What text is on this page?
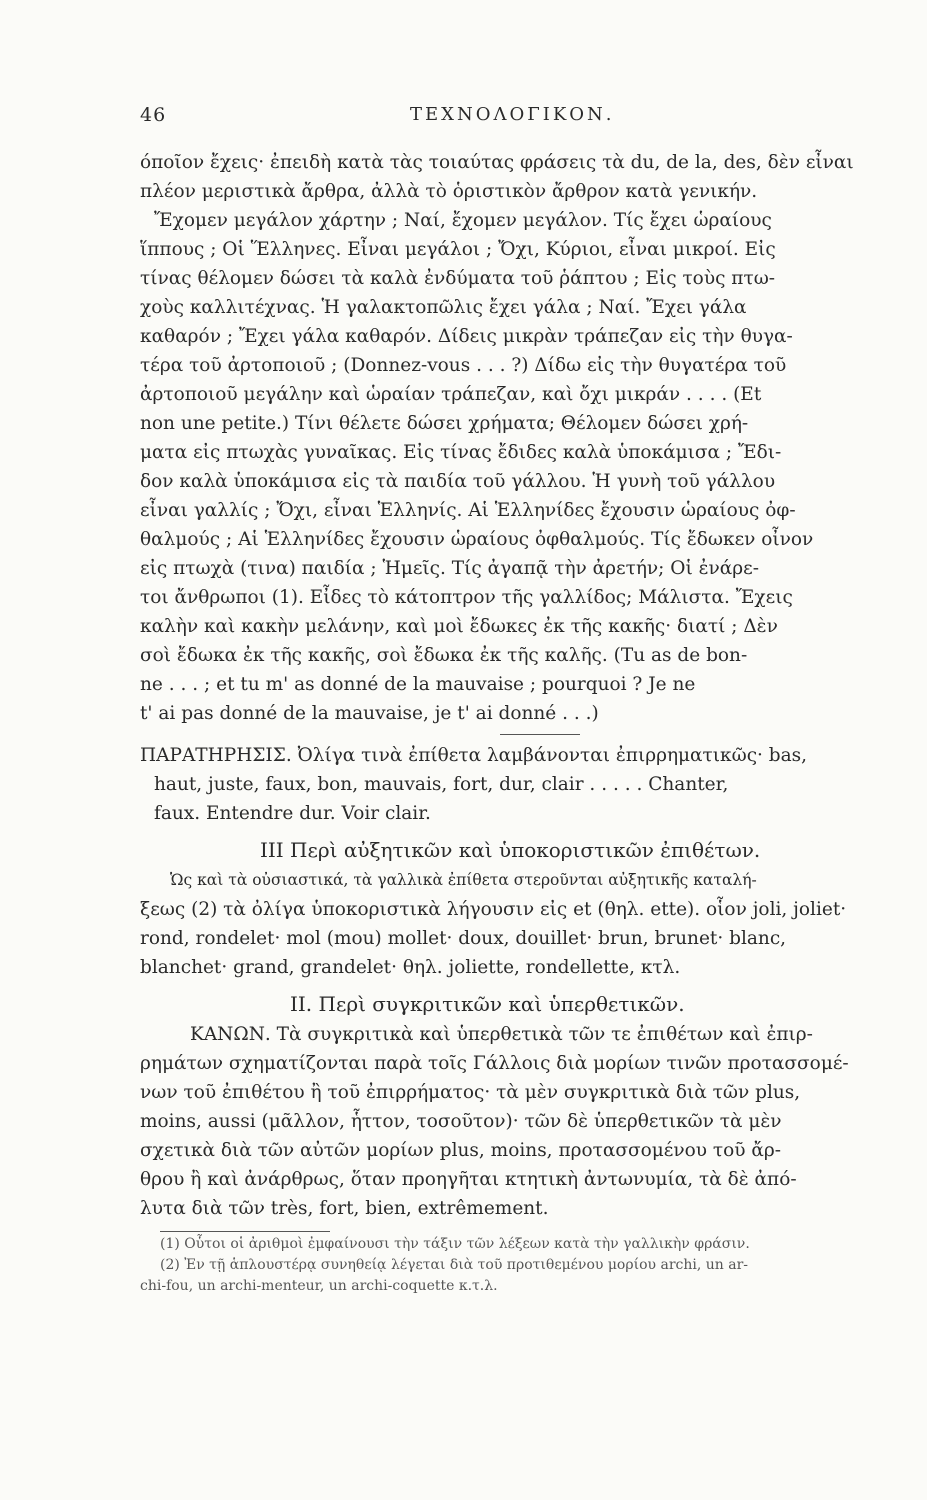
46	ΤΕΧΝΟΛΟΓΙΚΟΝ.
όποῖον ἔχεις· ἐπειδὴ κατὰ τὰς τοιαύτας φράσεις τὰ du, de la, des, δὲν εἶναι
πλέον μεριστικὰ ἄρθρα, ἀλλὰ τὸ ὁριστικὸν ἄρθρον κατὰ γενικήν.
Ἔχομεν μεγάλον χάρτην ; Ναί, ἔχομεν μεγάλον. Τίς ἔχει ὡραίους
ἵππους ; Οἱ Ἕλληνες. Εἶναι μεγάλοι ; Ὄχι, Κύριοι, εἶναι μικροί. Εἰς
τίνας θέλομεν δώσει τὰ καλὰ ἐνδύματα τοῦ ῥάπτου ; Εἰς τοὺς πτω-
χοὺς καλλιτέχνας. Ἡ γαλακτοπῶλις ἔχει γάλα ; Ναί. Ἔχει γάλα
καθαρόν ; Ἔχει γάλα καθαρόν. Δίδεις μικρὰν τράπεζαν εἰς τὴν θυγα-
τέρα τοῦ ἀρτοποιοῦ ; (Donnez-vous . . . ?) Δίδω εἰς τὴν θυγατέρα τοῦ
ἀρτοποιοῦ μεγάλην καὶ ὡραίαν τράπεζαν, καὶ ὄχι μικράν . . . . (Et
non une petite.) Τίνι θέλετε δώσει χρήματα; Θέλομεν δώσει χρή-
ματα εἰς πτωχὰς γυναῖκας. Εἰς τίνας ἔδιδες καλὰ ὑποκάμισα ; Ἔδι-
δον καλὰ ὑποκάμισα εἰς τὰ παιδία τοῦ γάλλου. Ἡ γυνὴ τοῦ γάλλου
εἶναι γαλλίς ; Ὄχι, εἶναι Ἑλληνίς. Αἱ Ἑλληνίδες ἔχουσιν ὡραίους ὀφ-
θαλμούς ; Αἱ Ἑλληνίδες ἔχουσιν ὡραίους ὀφθαλμούς. Τίς ἔδωκεν οἶνον
εἰς πτωχὰ (τινα) παιδία ; Ἡμεῖς. Τίς ἀγαπᾷ τὴν ἀρετήν; Οἱ ἐνάρε-
τοι ἄνθρωποι (1). Εἶδες τὸ κάτοπτρον τῆς γαλλίδος; Μάλιστα. Ἔχεις
καλὴν καὶ κακὴν μελάνην, καὶ μοὶ ἔδωκες ἐκ τῆς κακῆς· διατί ; Δὲν
σοὶ ἔδωκα ἐκ τῆς κακῆς, σοὶ ἔδωκα ἐκ τῆς καλῆς. (Tu as de bon-
ne . . . ; et tu m' as donné de la mauvaise ; pourquoi ? Je ne
t' ai pas donné de la mauvaise, je t' ai donné . . .)
ΠΑΡΑΤΗΡΗΣΙΣ. Ὀλίγα τινὰ ἐπίθετα λαμβάνονται ἐπιρρηματικῶς· bas,
haut, juste, faux, bon, mauvais, fort, dur, clair . . . . . Chanter,
faux. Entendre dur. Voir clair.
III Περὶ αὐξητικῶν καὶ ὑποκοριστικῶν ἐπιθέτων.
Ὡς καὶ τὰ οὐσιαστικά, τὰ γαλλικὰ ἐπίθετα στεροῦνται αὐξητικῆς καταλή-
ξεως (2) τὰ ὀλίγα ὑποκοριστικὰ λήγουσιν εἰς et (θηλ. ette). οἷον joli, joliet·
rond, rondelet· mol (mou) mollet· doux, douillet· brun, brunet· blanc,
blanchet· grand, grandelet· θηλ. joliette, rondellette, κτλ.
II. Περὶ συγκριτικῶν καὶ ὑπερθετικῶν.
ΚΑΝΩΝ. Τὰ συγκριτικὰ καὶ ὑπερθετικὰ τῶν τε ἐπιθέτων καὶ ἐπιρ-
ρημάτων σχηματίζονται παρὰ τοῖς Γάλλοις διὰ μορίων τινῶν προτασσομέ-
νων τοῦ ἐπιθέτου ἢ τοῦ ἐπιρρήματος· τὰ μὲν συγκριτικὰ διὰ τῶν plus,
moins, aussi (μᾶλλον, ἧττον, τοσοῦτον)· τῶν δὲ ὑπερθετικῶν τὰ μὲν
σχετικὰ διὰ τῶν αὐτῶν μορίων plus, moins, προτασσομένου τοῦ ἄρ-
θρου ἢ καὶ ἀνάρθρως, ὅταν προηγῆται κτητικὴ ἀντωνυμία, τὰ δὲ ἀπό-
λυτα διὰ τῶν très, fort, bien, extrêmement.
(1) Οὗτοι οἱ ἀριθμοὶ ἐμφαίνουσι τὴν τάξιν τῶν λέξεων κατὰ τὴν γαλλικὴν φράσιν.
(2) Ἐν τῇ ἁπλουστέρᾳ συνηθείᾳ λέγεται διὰ τοῦ προτιθεμένου μορίου archi, un ar-
chi-fou, un archi-menteur, un archi-coquette κ.τ.λ.
